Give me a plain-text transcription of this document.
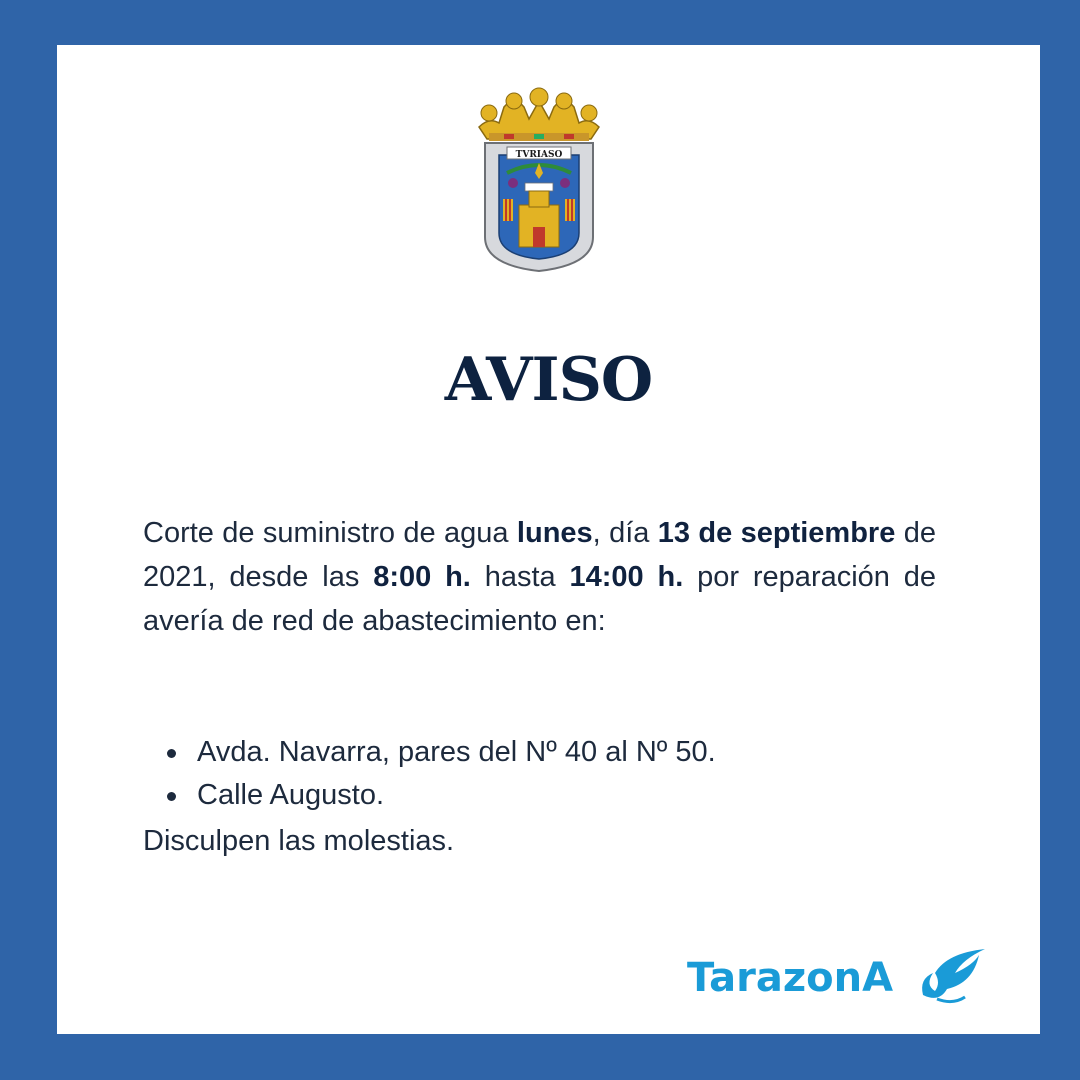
TVRIASO
AVISO

Corte de suministro de agua lunes, día 13 de septiembre de 2021, desde las 8:00 h. hasta 14:00 h. por reparación de avería de red de abastecimiento en:

Avda. Navarra, pares del Nº 40 al Nº 50.
Calle Augusto.

Disculpen las molestias.

TarazonA
